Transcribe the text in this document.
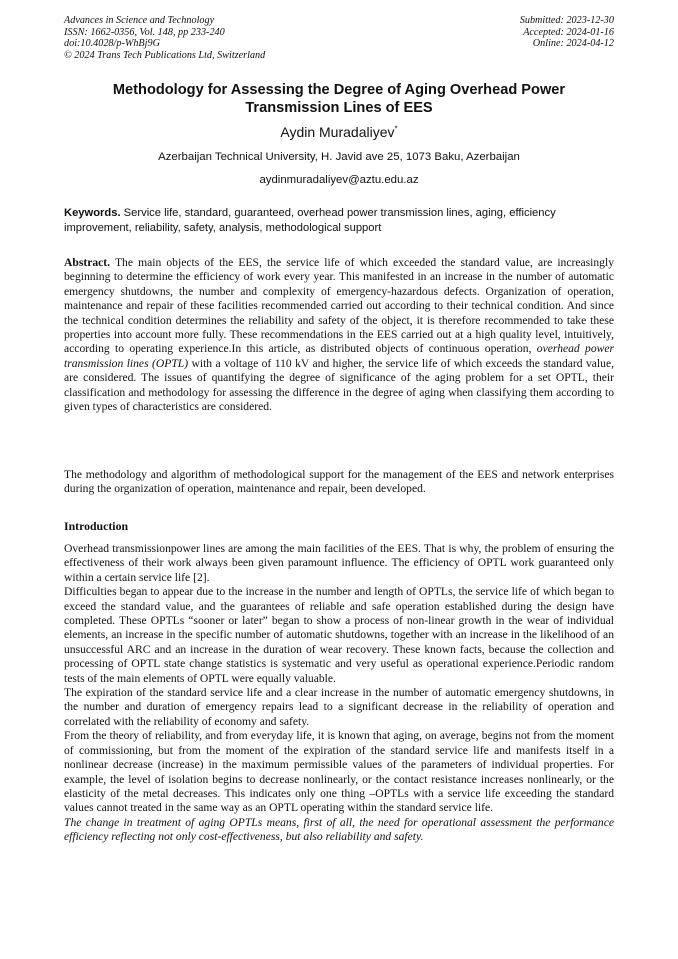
Advances in Science and Technology
ISSN: 1662-0356, Vol. 148, pp 233-240
doi:10.4028/p-WhBj9G
© 2024 Trans Tech Publications Ltd, Switzerland
Submitted: 2023-12-30
Accepted: 2024-01-16
Online: 2024-04-12
Methodology for Assessing the Degree of Aging Overhead Power Transmission Lines of EES
Aydin Muradaliyev*
Azerbaijan Technical University, H. Javid ave 25, 1073 Baku, Azerbaijan
aydinmuradaliyev@aztu.edu.az
Keywords. Service life, standard, guaranteed, overhead power transmission lines, aging, efficiency improvement, reliability, safety, analysis, methodological support

Abstract. The main objects of the EES, the service life of which exceeded the standard value, are increasingly beginning to determine the efficiency of work every year. This manifested in an increase in the number of automatic emergency shutdowns, the number and complexity of emergency-hazardous defects. Organization of operation, maintenance and repair of these facilities recommended carried out according to their technical condition. And since the technical condition determines the reliability and safety of the object, it is therefore recommended to take these properties into account more fully. These recommendations in the EES carried out at a high quality level, intuitively, according to operating experience.In this article, as distributed objects of continuous operation, overhead power transmission lines (OPTL) with a voltage of 110 kV and higher, the service life of which exceeds the standard value, are considered. The issues of quantifying the degree of significance of the aging problem for a set OPTL, their classification and methodology for assessing the difference in the degree of aging when classifying them according to given types of characteristics are considered.

The methodology and algorithm of methodological support for the management of the EES and network enterprises during the organization of operation, maintenance and repair, been developed.

Introduction

Overhead transmissionpower lines are among the main facilities of the EES. That is why, the problem of ensuring the effectiveness of their work always been given paramount influence. The efficiency of OPTL work guaranteed only within a certain service life [2].

Difficulties began to appear due to the increase in the number and length of OPTLs, the service life of which began to exceed the standard value, and the guarantees of reliable and safe operation established during the design have completed. These OPTLs “sooner or later” began to show a process of non-linear growth in the wear of individual elements, an increase in the specific number of automatic shutdowns, together with an increase in the likelihood of an unsuccessful ARC and an increase in the duration of wear recovery. These known facts, because the collection and processing of OPTL state change statistics is systematic and very useful as operational experience.Periodic random tests of the main elements of OPTL were equally valuable.

The expiration of the standard service life and a clear increase in the number of automatic emergency shutdowns, in the number and duration of emergency repairs lead to a significant decrease in the reliability of operation and correlated with the reliability of economy and safety.

From the theory of reliability, and from everyday life, it is known that aging, on average, begins not from the moment of commissioning, but from the moment of the expiration of the standard service life and manifests itself in a nonlinear decrease (increase) in the maximum permissible values of the parameters of individual properties. For example, the level of isolation begins to decrease nonlinearly, or the contact resistance increases nonlinearly, or the elasticity of the metal decreases. This indicates only one thing –OPTLs with a service life exceeding the standard values cannot treated in the same way as an OPTL operating within the standard service life.

The change in treatment of aging OPTLs means, first of all, the need for operational assessment the performance efficiency reflecting not only cost-effectiveness, but also reliability and safety.
